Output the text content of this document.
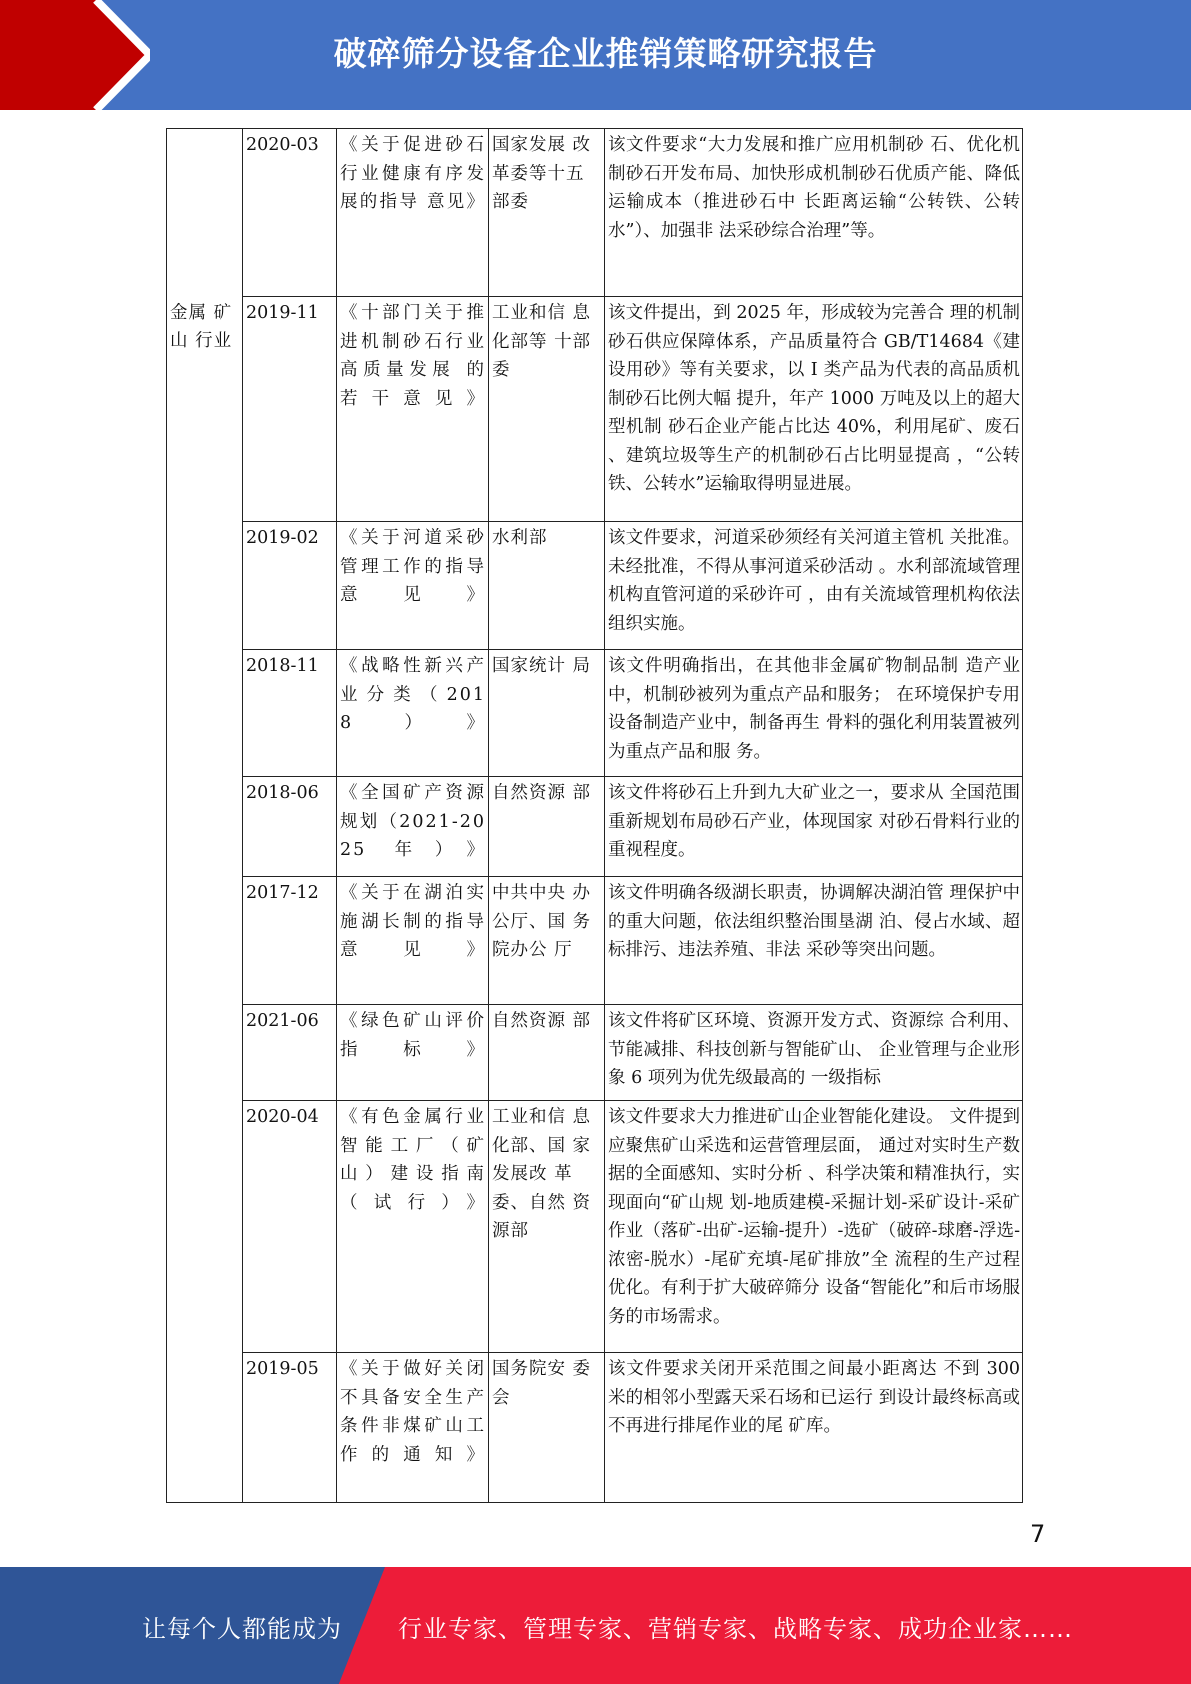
破碎筛分设备企业推销策略研究报告
	2020-03	《关于促进砂石行业健康有序发展的指导 意见》	国家发展 改革委等十五部委	该文件要求“大力发展和推广应用机制砂 石、优化机制砂石开发布局、加快形成机制砂石优质产能、降低运输成本（推进砂石中 长距离运输“公转铁、公转水”）、加强非 法采砂综合治理”等。

金属 矿山 行业	2019-11	《十部门关于推进机制砂石行业高质量发展 的 若 干 意 见 》	工业和信 息化部等 十部委	该文件提出，到 2025 年，形成较为完善合 理的机制砂石供应保障体系，产品质量符合 GB/T14684《建设用砂》等有关要求，以 I 类产品为代表的高品质机制砂石比例大幅 提升，年产 1000 万吨及以上的超大型机制 砂石企业产能占比达 40%，利用尾矿、废石 、建筑垃圾等生产的机制砂石占比明显提高 ，“公转铁、公转水”运输取得明显进展。
	2019-02	《关于河道采砂管理工作的指导意见》	水利部	该文件要求，河道采砂须经有关河道主管机 关批准。未经批准，不得从事河道采砂活动 。水利部流域管理机构直管河道的采砂许可 ，由有关流域管理机构依法组织实施。
	2018-11	《战略性新兴产业分类（2018）》	国家统计 局	该文件明确指出，在其他非金属矿物制品制 造产业中，机制砂被列为重点产品和服务； 在环境保护专用设备制造产业中，制备再生 骨料的强化利用装置被列为重点产品和服 务。
	2018-06	《全国矿产资源规划（2021-2025 年）》	自然资源 部	该文件将砂石上升到九大矿业之一，要求从 全国范围重新规划布局砂石产业，体现国家 对砂石骨料行业的重视程度。
	2017-12	《关于在湖泊实施湖长制的指导意见》	中共中央 办公厅、国 务院办公 厅	该文件明确各级湖长职责，协调解决湖泊管 理保护中的重大问题，依法组织整治围垦湖 泊、侵占水域、超标排污、违法养殖、非法 采砂等突出问题。
	2021-06	《绿色矿山评价指标》	自然资源 部	该文件将矿区环境、资源开发方式、资源综 合利用、节能减排、科技创新与智能矿山、 企业管理与企业形象 6 项列为优先级最高的 一级指标

	2020-04	《有色金属行业智能工厂（矿山）建设指南（试行）》	工业和信 息化部、国 家发展改 革委、自然 资源部	该文件要求大力推进矿山企业智能化建设。 文件提到应聚焦矿山采选和运营管理层面， 通过对实时生产数据的全面感知、实时分析 、科学决策和精准执行，实现面向“矿山规 划-地质建模-采掘计划-采矿设计-采矿作业（落矿-出矿-运输-提升）-选矿（破碎-球磨-浮选-浓密-脱水）-尾矿充填-尾矿排放”全 流程的生产过程优化。有利于扩大破碎筛分 设备“智能化”和后市场服务的市场需求。
	2019-05	《关于做好关闭不具备安全生产条件非煤矿山工作的通知》	国务院安 委会	该文件要求关闭开采范围之间最小距离达 不到 300 米的相邻小型露天采石场和已运行 到设计最终标高或不再进行排尾作业的尾 矿库。
7
让每个人都能成为 行业专家、管理专家、营销专家、战略专家、成功企业家……
